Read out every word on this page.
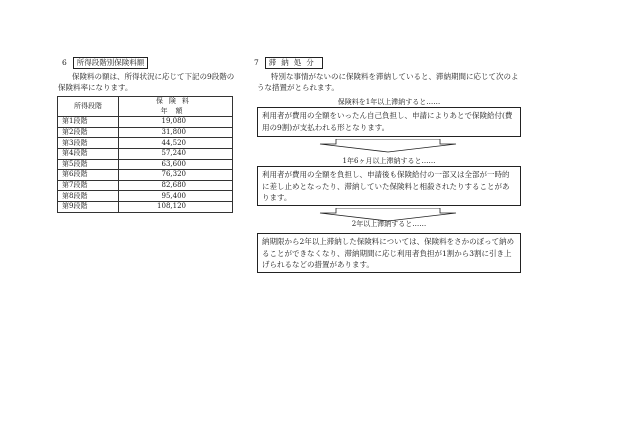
6	所得段階別保険料額

保険料の額は、所得状況に応じて下記の9段階の保険料率になります。

所得段階	保険料
	年額
第1段階	19,080
第2段階	31,800
第3段階	44,520
第4段階	57,240
第5段階	63,600
第6段階	76,320
第7段階	82,680
第8段階	95,400
第9段階	108,120
7	滞納処分

特別な事情がないのに保険料を滞納していると、滞納期間に応じて次のような措置がとられます。

保険料を1年以上滞納すると……
利用者が費用の全額をいったん自己負担し、申請によりあとで保険給付(費用の9割)が支払われる形となります。
1年6ヶ月以上滞納すると……
利用者が費用の全額を負担し、申請後も保険給付の一部又は全部が一時的に差し止めとなったり、滞納していた保険料と相殺されたりすることがあります。
2年以上滞納すると……
納期限から2年以上滞納した保険料については、保険料をさかのぼって納めることができなくなり、滞納期間に応じ利用者負担が1割から3割に引き上げられるなどの措置があります。
